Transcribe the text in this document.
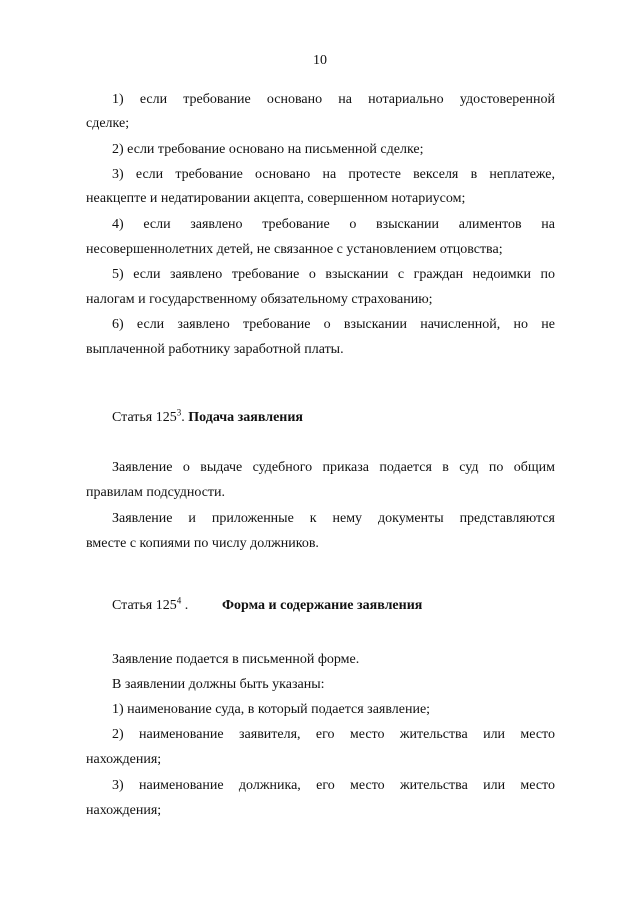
10
1) если требование основано на нотариально удостоверенной
сделке;
2) если требование основано на письменной сделке;
3) если требование основано на протесте векселя в неплатеже,
неакцепте и недатировании акцепта, совершенном нотариусом;
4) если заявлено требование о взыскании алиментов на
несовершеннолетних детей, не связанное с установлением отцовства;
5) если заявлено требование о взыскании с граждан недоимки по
налогам и государственному обязательному страхованию;
6) если заявлено требование о взыскании начисленной, но не
выплаченной работнику заработной платы.
Статья $125^3$. Подача заявления
Заявление о выдаче судебного приказа подается в суд по общим
правилам подсудности.
Заявление и приложенные к нему документы представляются
вместе с копиями по числу должников.
Статья $125^4$ . Форма и содержание заявления
Заявление подается в письменной форме.
В заявлении должны быть указаны:
1) наименование суда, в который подается заявление;
2) наименование заявителя, его место жительства или место
нахождения;
3) наименование должника, его место жительства или место
нахождения;
